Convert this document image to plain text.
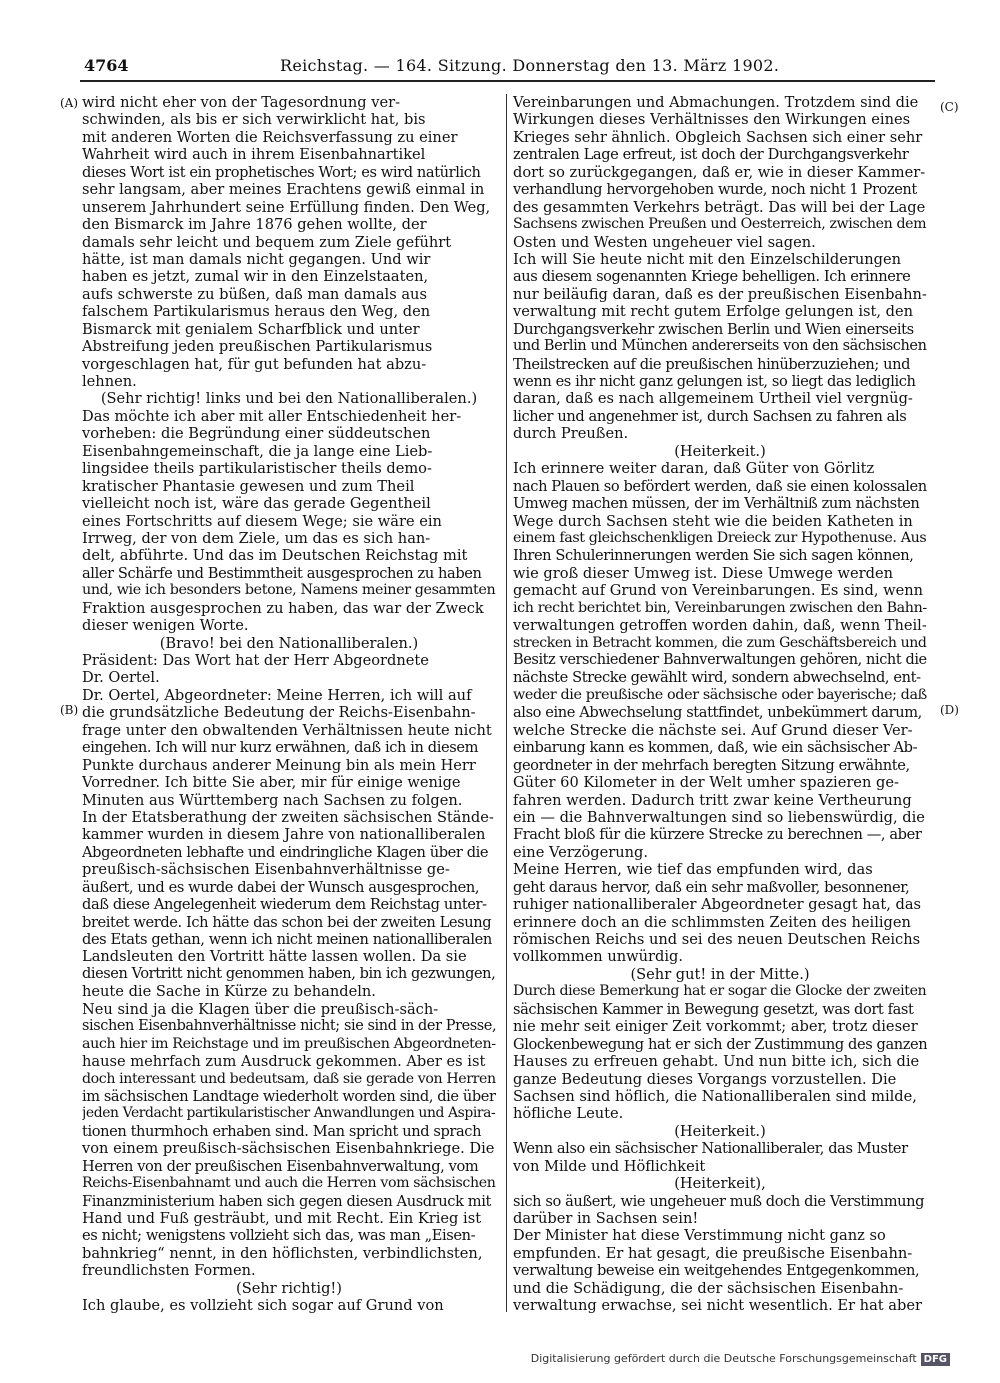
4764	Reichstag. — 164. Sitzung. Donnerstag den 13. März 1902.
(A)
(B)
(C)
(D)
wird nicht eher von der Tagesordnung ver-
schwinden, als bis er sich verwirklicht hat, bis
mit anderen Worten die Reichsverfassung zu einer
Wahrheit wird auch in ihrem Eisenbahnartikel
dieses Wort ist ein prophetisches Wort; es wird natürlich
sehr langsam, aber meines Erachtens gewiß einmal in
unserem Jahrhundert seine Erfüllung finden. Den Weg,
den Bismarck im Jahre 1876 gehen wollte, der
damals sehr leicht und bequem zum Ziele geführt
hätte, ist man damals nicht gegangen. Und wir
haben es jetzt, zumal wir in den Einzelstaaten,
aufs schwerste zu büßen, daß man damals aus
falschem Partikularismus heraus den Weg, den
Bismarck mit genialem Scharfblick und unter
Abstreifung jeden preußischen Partikularismus
vorgeschlagen hat, für gut befunden hat abzu-
lehnen.
(Sehr richtig! links und bei den Nationalliberalen.)
Das möchte ich aber mit aller Entschiedenheit her-
vorheben: die Begründung einer süddeutschen
Eisenbahngemeinschaft, die ja lange eine Lieb-
lingsidee theils partikularistischer theils demo-
kratischer Phantasie gewesen und zum Theil
vielleicht noch ist, wäre das gerade Gegentheil
eines Fortschritts auf diesem Wege; sie wäre ein
Irrweg, der von dem Ziele, um das es sich han-
delt, abführte. Und das im Deutschen Reichstag mit
aller Schärfe und Bestimmtheit ausgesprochen zu haben
und, wie ich besonders betone, Namens meiner gesammten
Fraktion ausgesprochen zu haben, das war der Zweck
dieser wenigen Worte.
(Bravo! bei den Nationalliberalen.)
Präsident: Das Wort hat der Herr Abgeordnete
Dr. Oertel.
Dr. Oertel, Abgeordneter: Meine Herren, ich will auf
die grundsätzliche Bedeutung der Reichs-Eisenbahn-
frage unter den obwaltenden Verhältnissen heute nicht
eingehen. Ich will nur kurz erwähnen, daß ich in diesem
Punkte durchaus anderer Meinung bin als mein Herr
Vorredner. Ich bitte Sie aber, mir für einige wenige
Minuten aus Württemberg nach Sachsen zu folgen.
In der Etatsberathung der zweiten sächsischen Stände-
kammer wurden in diesem Jahre von nationalliberalen
Abgeordneten lebhafte und eindringliche Klagen über die
preußisch-sächsischen Eisenbahnverhältnisse ge-
äußert, und es wurde dabei der Wunsch ausgesprochen,
daß diese Angelegenheit wiederum dem Reichstag unter-
breitet werde. Ich hätte das schon bei der zweiten Lesung
des Etats gethan, wenn ich nicht meinen nationalliberalen
Landsleuten den Vortritt hätte lassen wollen. Da sie
diesen Vortritt nicht genommen haben, bin ich gezwungen,
heute die Sache in Kürze zu behandeln.
Neu sind ja die Klagen über die preußisch-säch-
sischen Eisenbahnverhältnisse nicht; sie sind in der Presse,
auch hier im Reichstage und im preußischen Abgeordneten-
hause mehrfach zum Ausdruck gekommen. Aber es ist
doch interessant und bedeutsam, daß sie gerade von Herren
im sächsischen Landtage wiederholt worden sind, die über
jeden Verdacht partikularistischer Anwandlungen und Aspira-
tionen thurmhoch erhaben sind. Man spricht und sprach
von einem preußisch-sächsischen Eisenbahnkriege. Die
Herren von der preußischen Eisenbahnverwaltung, vom
Reichs-Eisenbahnamt und auch die Herren vom sächsischen
Finanzministerium haben sich gegen diesen Ausdruck mit
Hand und Fuß gesträubt, und mit Recht. Ein Krieg ist
es nicht; wenigstens vollzieht sich das, was man „Eisen-
bahnkrieg“ nennt, in den höflichsten, verbindlichsten,
freundlichsten Formen.
(Sehr richtig!)
Ich glaube, es vollzieht sich sogar auf Grund von
Vereinbarungen und Abmachungen. Trotzdem sind die
Wirkungen dieses Verhältnisses den Wirkungen eines
Krieges sehr ähnlich. Obgleich Sachsen sich einer sehr
zentralen Lage erfreut, ist doch der Durchgangsverkehr
dort so zurückgegangen, daß er, wie in dieser Kammer-
verhandlung hervorgehoben wurde, noch nicht 1 Prozent
des gesammten Verkehrs beträgt. Das will bei der Lage
Sachsens zwischen Preußen und Oesterreich, zwischen dem
Osten und Westen ungeheuer viel sagen.
Ich will Sie heute nicht mit den Einzelschilderungen
aus diesem sogenannten Kriege behelligen. Ich erinnere
nur beiläufig daran, daß es der preußischen Eisenbahn-
verwaltung mit recht gutem Erfolge gelungen ist, den
Durchgangsverkehr zwischen Berlin und Wien einerseits
und Berlin und München andererseits von den sächsischen
Theilstrecken auf die preußischen hinüberzuziehen; und
wenn es ihr nicht ganz gelungen ist, so liegt das lediglich
daran, daß es nach allgemeinem Urtheil viel vergnüg-
licher und angenehmer ist, durch Sachsen zu fahren als
durch Preußen.
(Heiterkeit.)
Ich erinnere weiter daran, daß Güter von Görlitz
nach Plauen so befördert werden, daß sie einen kolossalen
Umweg machen müssen, der im Verhältniß zum nächsten
Wege durch Sachsen steht wie die beiden Katheten in
einem fast gleichschenkligen Dreieck zur Hypothenuse. Aus
Ihren Schulerinnerungen werden Sie sich sagen können,
wie groß dieser Umweg ist. Diese Umwege werden
gemacht auf Grund von Vereinbarungen. Es sind, wenn
ich recht berichtet bin, Vereinbarungen zwischen den Bahn-
verwaltungen getroffen worden dahin, daß, wenn Theil-
strecken in Betracht kommen, die zum Geschäftsbereich und
Besitz verschiedener Bahnverwaltungen gehören, nicht die
nächste Strecke gewählt wird, sondern abwechselnd, ent-
weder die preußische oder sächsische oder bayerische; daß
also eine Abwechselung stattfindet, unbekümmert darum,
welche Strecke die nächste sei. Auf Grund dieser Ver-
einbarung kann es kommen, daß, wie ein sächsischer Ab-
geordneter in der mehrfach beregten Sitzung erwähnte,
Güter 60 Kilometer in der Welt umher spazieren ge-
fahren werden. Dadurch tritt zwar keine Vertheurung
ein — die Bahnverwaltungen sind so liebenswürdig, die
Fracht bloß für die kürzere Strecke zu berechnen —, aber
eine Verzögerung.
Meine Herren, wie tief das empfunden wird, das
geht daraus hervor, daß ein sehr maßvoller, besonnener,
ruhiger nationalliberaler Abgeordneter gesagt hat, das
erinnere doch an die schlimmsten Zeiten des heiligen
römischen Reichs und sei des neuen Deutschen Reichs
vollkommen unwürdig.
(Sehr gut! in der Mitte.)
Durch diese Bemerkung hat er sogar die Glocke der zweiten
sächsischen Kammer in Bewegung gesetzt, was dort fast
nie mehr seit einiger Zeit vorkommt; aber, trotz dieser
Glockenbewegung hat er sich der Zustimmung des ganzen
Hauses zu erfreuen gehabt. Und nun bitte ich, sich die
ganze Bedeutung dieses Vorgangs vorzustellen. Die
Sachsen sind höflich, die Nationalliberalen sind milde,
höfliche Leute.
(Heiterkeit.)
Wenn also ein sächsischer Nationalliberaler, das Muster
von Milde und Höflichkeit
(Heiterkeit),
sich so äußert, wie ungeheuer muß doch die Verstimmung
darüber in Sachsen sein!
Der Minister hat diese Verstimmung nicht ganz so
empfunden. Er hat gesagt, die preußische Eisenbahn-
verwaltung beweise ein weitgehendes Entgegenkommen,
und die Schädigung, die der sächsischen Eisenbahn-
verwaltung erwachse, sei nicht wesentlich. Er hat aber
Digitalisierung gefördert durch die Deutsche Forschungsgemeinschaft DFG
